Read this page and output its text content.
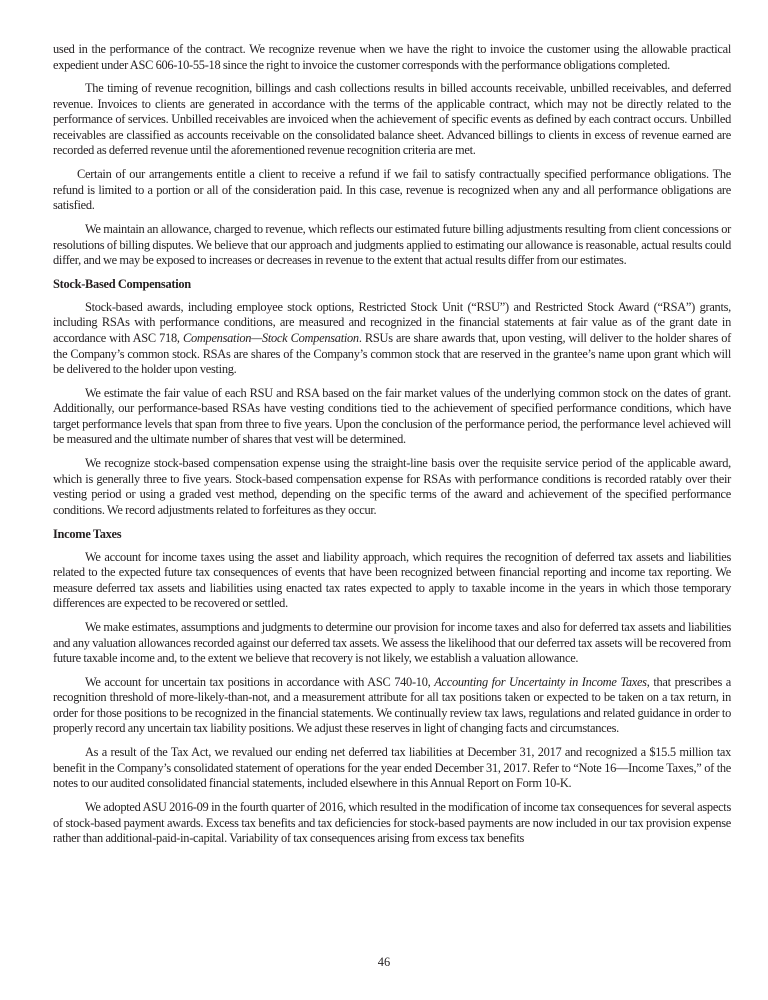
used in the performance of the contract. We recognize revenue when we have the right to invoice the customer using the allowable practical expedient under ASC 606-10-55-18 since the right to invoice the customer corresponds with the performance obligations completed.

The timing of revenue recognition, billings and cash collections results in billed accounts receivable, unbilled receivables, and deferred revenue. Invoices to clients are generated in accordance with the terms of the applicable contract, which may not be directly related to the performance of services. Unbilled receivables are invoiced when the achievement of specific events as defined by each contract occurs. Unbilled receivables are classified as accounts receivable on the consolidated balance sheet. Advanced billings to clients in excess of revenue earned are recorded as deferred revenue until the aforementioned revenue recognition criteria are met.

Certain of our arrangements entitle a client to receive a refund if we fail to satisfy contractually specified performance obligations. The refund is limited to a portion or all of the consideration paid. In this case, revenue is recognized when any and all performance obligations are satisfied.

We maintain an allowance, charged to revenue, which reflects our estimated future billing adjustments resulting from client concessions or resolutions of billing disputes. We believe that our approach and judgments applied to estimating our allowance is reasonable, actual results could differ, and we may be exposed to increases or decreases in revenue to the extent that actual results differ from our estimates.

Stock-Based Compensation

Stock-based awards, including employee stock options, Restricted Stock Unit (“RSU”) and Restricted Stock Award (“RSA”) grants, including RSAs with performance conditions, are measured and recognized in the financial statements at fair value as of the grant date in accordance with ASC 718, Compensation—Stock Compensation. RSUs are share awards that, upon vesting, will deliver to the holder shares of the Company’s common stock. RSAs are shares of the Company’s common stock that are reserved in the grantee’s name upon grant which will be delivered to the holder upon vesting.

We estimate the fair value of each RSU and RSA based on the fair market values of the underlying common stock on the dates of grant. Additionally, our performance-based RSAs have vesting conditions tied to the achievement of specified performance conditions, which have target performance levels that span from three to five years. Upon the conclusion of the performance period, the performance level achieved will be measured and the ultimate number of shares that vest will be determined.

We recognize stock-based compensation expense using the straight-line basis over the requisite service period of the applicable award, which is generally three to five years. Stock-based compensation expense for RSAs with performance conditions is recorded ratably over their vesting period or using a graded vest method, depending on the specific terms of the award and achievement of the specified performance conditions. We record adjustments related to forfeitures as they occur.

Income Taxes

We account for income taxes using the asset and liability approach, which requires the recognition of deferred tax assets and liabilities related to the expected future tax consequences of events that have been recognized between financial reporting and income tax reporting. We measure deferred tax assets and liabilities using enacted tax rates expected to apply to taxable income in the years in which those temporary differences are expected to be recovered or settled.

We make estimates, assumptions and judgments to determine our provision for income taxes and also for deferred tax assets and liabilities and any valuation allowances recorded against our deferred tax assets. We assess the likelihood that our deferred tax assets will be recovered from future taxable income and, to the extent we believe that recovery is not likely, we establish a valuation allowance.

We account for uncertain tax positions in accordance with ASC 740-10, Accounting for Uncertainty in Income Taxes, that prescribes a recognition threshold of more-likely-than-not, and a measurement attribute for all tax positions taken or expected to be taken on a tax return, in order for those positions to be recognized in the financial statements. We continually review tax laws, regulations and related guidance in order to properly record any uncertain tax liability positions. We adjust these reserves in light of changing facts and circumstances.

As a result of the Tax Act, we revalued our ending net deferred tax liabilities at December 31, 2017 and recognized a $15.5 million tax benefit in the Company’s consolidated statement of operations for the year ended December 31, 2017. Refer to “Note 16—Income Taxes,” of the notes to our audited consolidated financial statements, included elsewhere in this Annual Report on Form 10-K.

We adopted ASU 2016-09 in the fourth quarter of 2016, which resulted in the modification of income tax consequences for several aspects of stock-based payment awards. Excess tax benefits and tax deficiencies for stock-based payments are now included in our tax provision expense rather than additional-paid-in-capital. Variability of tax consequences arising from excess tax benefits

46
